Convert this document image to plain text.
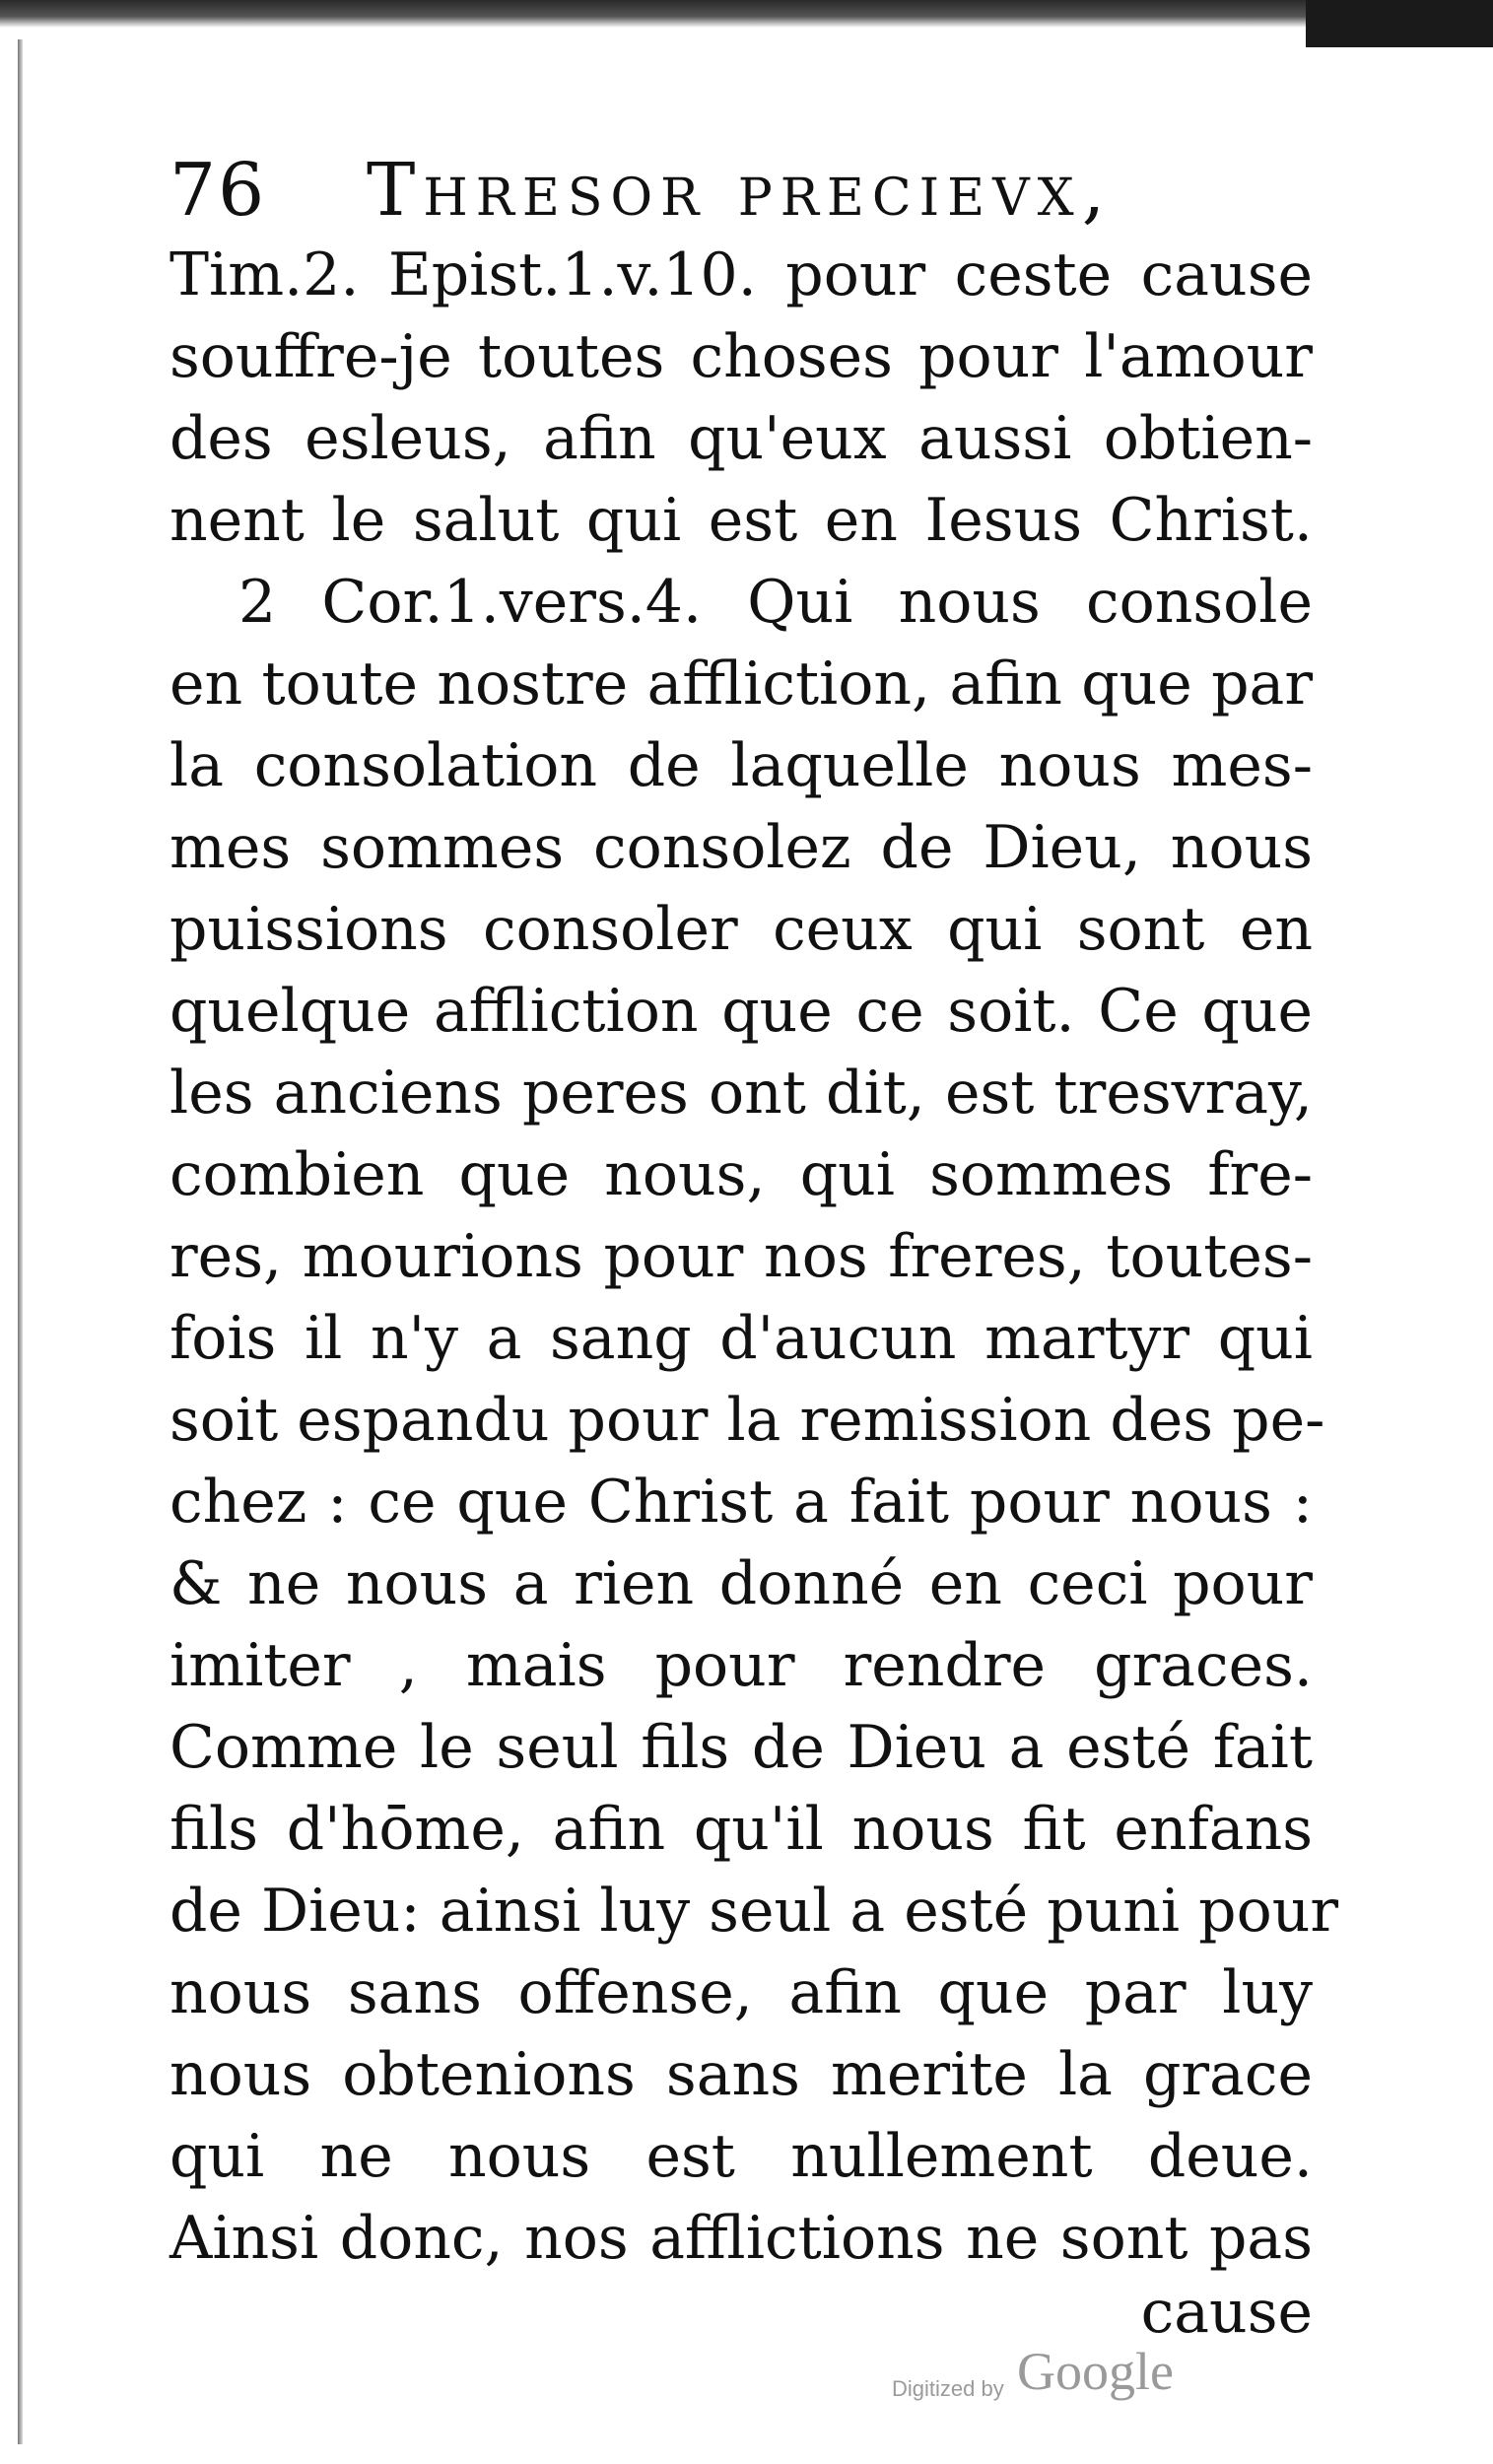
76 Thresor precievx,
Tim.2. Epist.1.v.10. pour ceste cause
souffre-je toutes choses pour l'amour
des esleus, afin qu'eux aussi obtien-
nent le salut qui est en Iesus Christ.
2 Cor.1.vers.4. Qui nous console
en toute nostre affliction, afin que par
la consolation de laquelle nous mes-
mes sommes consolez de Dieu, nous
puissions consoler ceux qui sont en
quelque affliction que ce soit. Ce que
les anciens peres ont dit, est tresvray,
combien que nous, qui sommes fre-
res, mourions pour nos freres, toutes-
fois il n'y a sang d'aucun martyr qui
soit espandu pour la remission des pe-
chez : ce que Christ a fait pour nous :
& ne nous a rien donné en ceci pour
imiter , mais pour rendre graces.
Comme le seul fils de Dieu a esté fait
fils d'hōme, afin qu'il nous fit enfans
de Dieu: ainsi luy seul a esté puni pour
nous sans offense, afin que par luy
nous obtenions sans merite la grace
qui ne nous est nullement deue.
Ainsi donc, nos afflictions ne sont pas
cause
Digitized by Google
